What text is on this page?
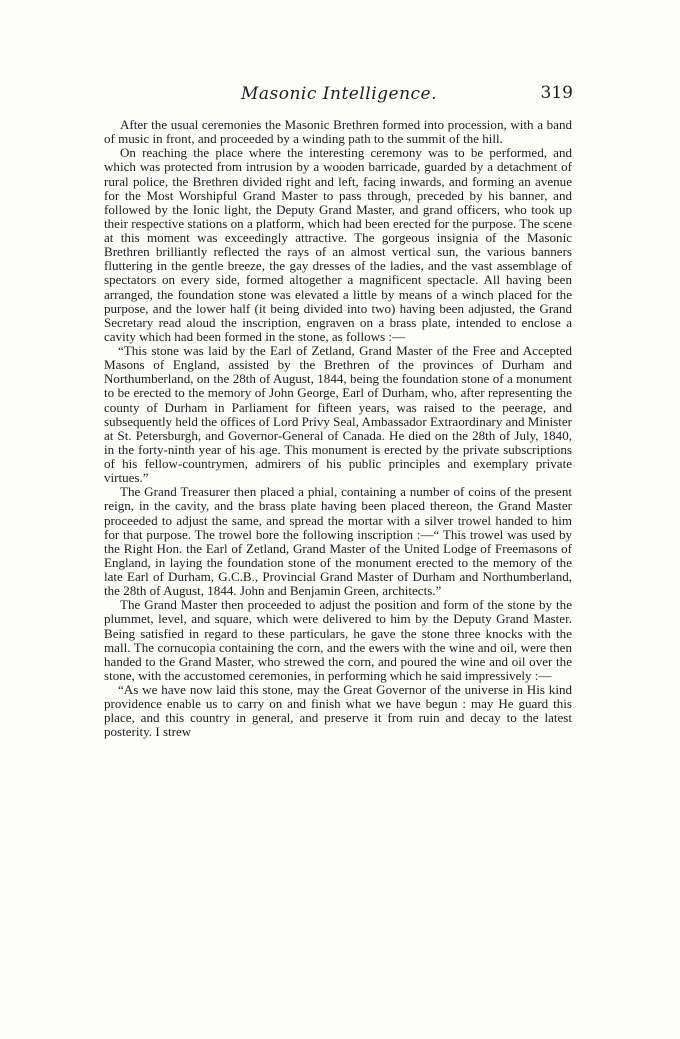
Masonic Intelligence.	319

After the usual ceremonies the Masonic Brethren formed into procession, with a band of music in front, and proceeded by a winding path to the summit of the hill.

On reaching the place where the interesting ceremony was to be performed, and which was protected from intrusion by a wooden barricade, guarded by a detachment of rural police, the Brethren divided right and left, facing inwards, and forming an avenue for the Most Worshipful Grand Master to pass through, preceded by his banner, and followed by the Ionic light, the Deputy Grand Master, and grand officers, who took up their respective stations on a platform, which had been erected for the purpose. The scene at this moment was exceedingly attractive. The gorgeous insignia of the Masonic Brethren brilliantly reflected the rays of an almost vertical sun, the various banners fluttering in the gentle breeze, the gay dresses of the ladies, and the vast assemblage of spectators on every side, formed altogether a magnificent spectacle. All having been arranged, the foundation stone was elevated a little by means of a winch placed for the purpose, and the lower half (it being divided into two) having been adjusted, the Grand Secretary read aloud the inscription, engraven on a brass plate, intended to enclose a cavity which had been formed in the stone, as follows :—

“This stone was laid by the Earl of Zetland, Grand Master of the Free and Accepted Masons of England, assisted by the Brethren of the provinces of Durham and Northumberland, on the 28th of August, 1844, being the foundation stone of a monument to be erected to the memory of John George, Earl of Durham, who, after representing the county of Durham in Parliament for fifteen years, was raised to the peerage, and subsequently held the offices of Lord Privy Seal, Ambassador Extraordinary and Minister at St. Petersburgh, and Governor-General of Canada. He died on the 28th of July, 1840, in the forty-ninth year of his age. This monument is erected by the private subscriptions of his fellow-countrymen, admirers of his public principles and exemplary private virtues.”

The Grand Treasurer then placed a phial, containing a number of coins of the present reign, in the cavity, and the brass plate having been placed thereon, the Grand Master proceeded to adjust the same, and spread the mortar with a silver trowel handed to him for that purpose. The trowel bore the following inscription :—“ This trowel was used by the Right Hon. the Earl of Zetland, Grand Master of the United Lodge of Freemasons of England, in laying the foundation stone of the monument erected to the memory of the late Earl of Durham, G.C.B., Provincial Grand Master of Durham and Northumberland, the 28th of August, 1844. John and Benjamin Green, architects.”

The Grand Master then proceeded to adjust the position and form of the stone by the plummet, level, and square, which were delivered to him by the Deputy Grand Master. Being satisfied in regard to these particulars, he gave the stone three knocks with the mall. The cornucopia containing the corn, and the ewers with the wine and oil, were then handed to the Grand Master, who strewed the corn, and poured the wine and oil over the stone, with the accustomed ceremonies, in performing which he said impressively :—

“As we have now laid this stone, may the Great Governor of the universe in His kind providence enable us to carry on and finish what we have begun : may He guard this place, and this country in general, and preserve it from ruin and decay to the latest posterity. I strew
